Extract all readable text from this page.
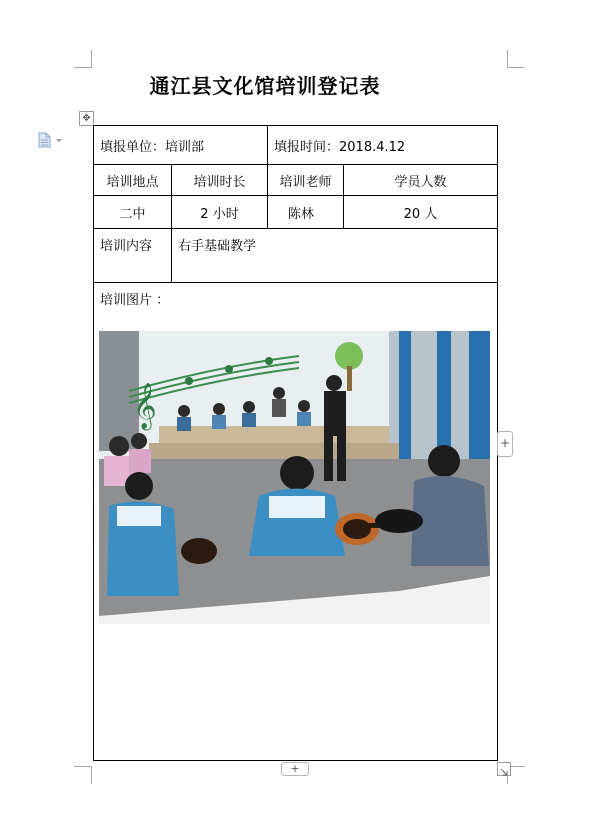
通江县文化馆培训登记表
✥
填报单位：培训部		填报时间：2018.4.12	
培训地点	培训时长	培训老师	学员人数
二中	2 小时	陈林	20 人
培训内容	右手基础教学		
培训图片 ：			
𝄞
+
+
